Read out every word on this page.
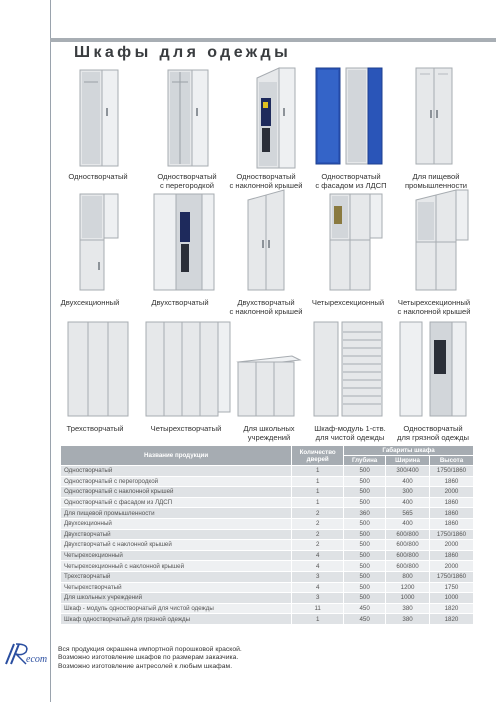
Шкафы для одежды
Одностворчатый	Одностворчатый
с перегородкой
Одностворчатый
с наклонной крышей
Одностворчатый
с фасадом из ЛДСП
Для пищевой
промышленности
Двухсекционный	Двухстворчатый	Двухстворчатый
с наклонной крышей
Четырехсекционный	Четырехсекционный
с наклонной крышей
Трехстворчатый	Четырехстворчатый	Для школьных
учреждений
Шкаф-модуль 1-ств.
для чистой одежды
Одностворчатый
для грязной одежды
Название продукции	Количество дверей	Габариты шкафа		
		Глубина	Ширина	Высота
Одностворчатый	1	500	300/400	1750/1860
Одностворчатый с перегородкой	1	500	400	1860
Одностворчатый с наклонной крышей	1	500	300	2000
Одностворчатый с фасадом из ЛДСП	1	500	400	1860
Для пищевой промышленности	2	360	565	1860
Двухсекционный	2	500	400	1860
Двухстворчатый	2	500	600/800	1750/1860
Двухстворчатый с наклонной крышей	2	500	600/800	2000
Четырехсекционный	4	500	600/800	1860
Четырехсекционный с наклонной крышей	4	500	600/800	2000
Трехстворчатый	3	500	800	1750/1860
Четырехстворчатый	4	500	1200	1750
Для школьных учреждений	3	500	1000	1000
Шкаф - модуль одностворчатый для чистой одежды	11	450	380	1820
Шкаф одностворчатый для грязной одежды	1	450	380	1820
Вся продукция окрашена импортной порошковой краской.
Возможно изготовление шкафов по размерам заказчика.
Возможно изготовление антресолей к любым шкафам.
ecom
